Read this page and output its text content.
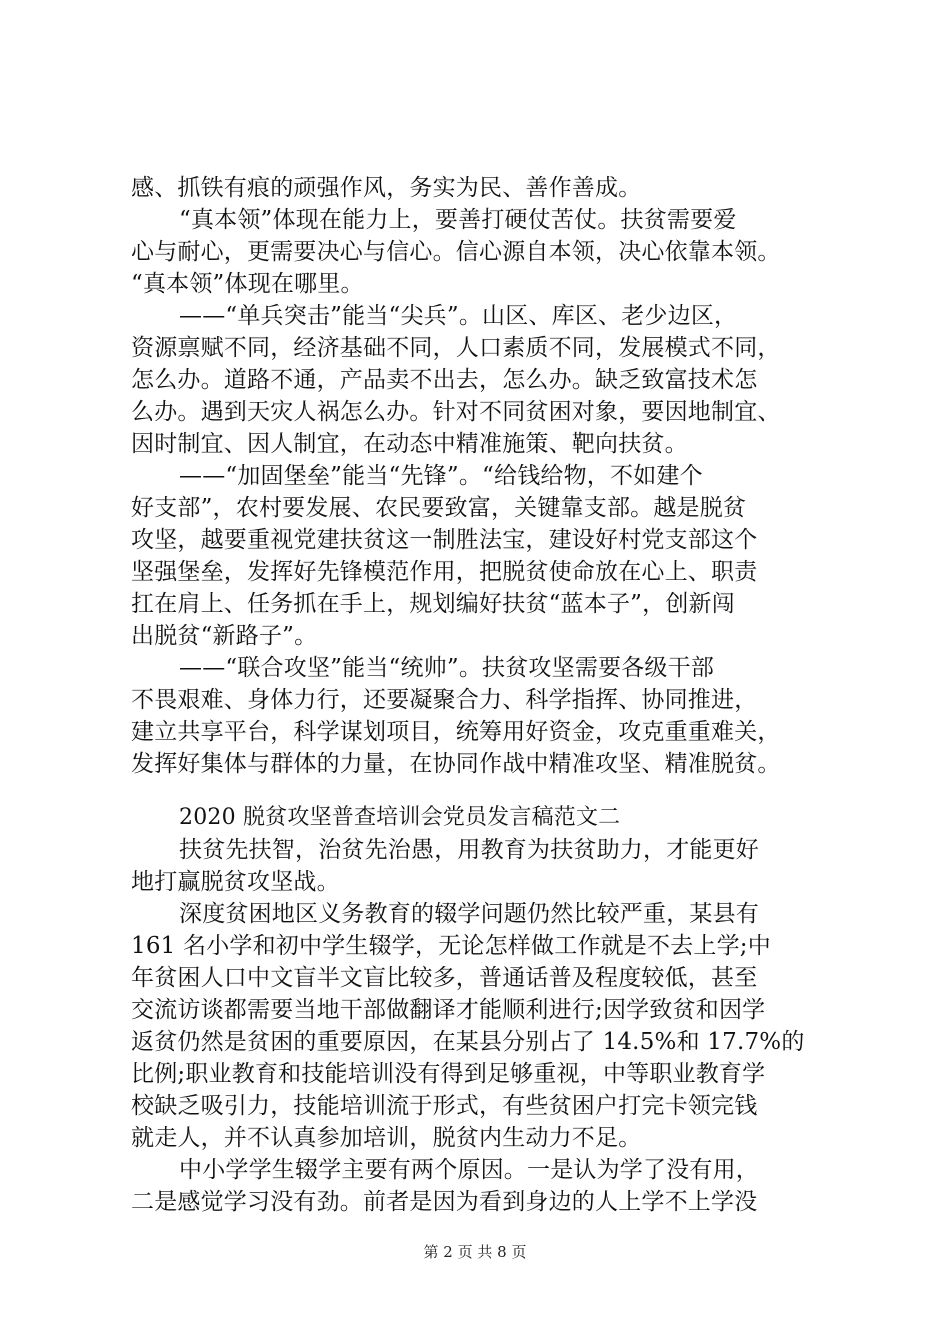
感、抓铁有痕的顽强作风，务实为民、善作善成。
“真本领”体现在能力上，要善打硬仗苦仗。扶贫需要爱
心与耐心，更需要决心与信心。信心源自本领，决心依靠本领。
“真本领”体现在哪里。
——“单兵突击”能当“尖兵”。山区、库区、老少边区，
资源禀赋不同，经济基础不同，人口素质不同，发展模式不同，
怎么办。道路不通，产品卖不出去，怎么办。缺乏致富技术怎
么办。遇到天灾人祸怎么办。针对不同贫困对象，要因地制宜、
因时制宜、因人制宜，在动态中精准施策、靶向扶贫。
——“加固堡垒”能当“先锋”。“给钱给物，不如建个
好支部”，农村要发展、农民要致富，关键靠支部。越是脱贫
攻坚，越要重视党建扶贫这一制胜法宝，建设好村党支部这个
坚强堡垒，发挥好先锋模范作用，把脱贫使命放在心上、职责
扛在肩上、任务抓在手上，规划编好扶贫“蓝本子”，创新闯
出脱贫“新路子”。
——“联合攻坚”能当“统帅”。扶贫攻坚需要各级干部
不畏艰难、身体力行，还要凝聚合力、科学指挥、协同推进，
建立共享平台，科学谋划项目，统筹用好资金，攻克重重难关，
发挥好集体与群体的力量，在协同作战中精准攻坚、精准脱贫。
2020 脱贫攻坚普查培训会党员发言稿范文二
扶贫先扶智，治贫先治愚，用教育为扶贫助力，才能更好
地打赢脱贫攻坚战。
深度贫困地区义务教育的辍学问题仍然比较严重，某县有
161 名小学和初中学生辍学，无论怎样做工作就是不去上学;中
年贫困人口中文盲半文盲比较多，普通话普及程度较低，甚至
交流访谈都需要当地干部做翻译才能顺利进行;因学致贫和因学
返贫仍然是贫困的重要原因，在某县分别占了 14.5%和 17.7%的
比例;职业教育和技能培训没有得到足够重视，中等职业教育学
校缺乏吸引力，技能培训流于形式，有些贫困户打完卡领完钱
就走人，并不认真参加培训，脱贫内生动力不足。
中小学学生辍学主要有两个原因。一是认为学了没有用，
二是感觉学习没有劲。前者是因为看到身边的人上学不上学没
第 2 页 共 8 页
